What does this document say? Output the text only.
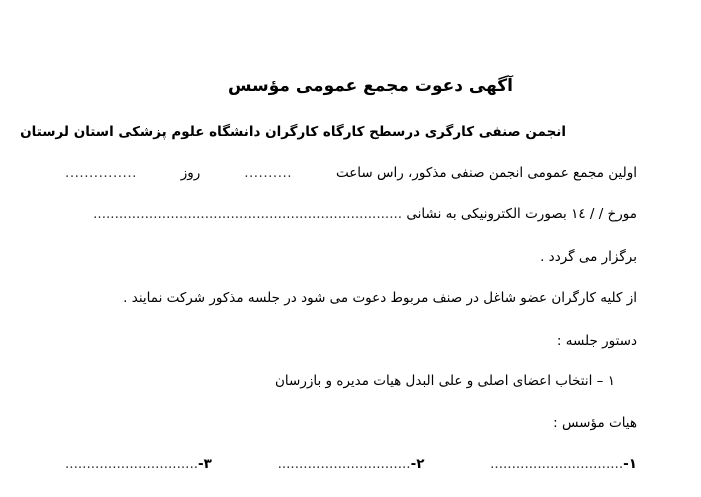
آگهی دعوت مجمع عمومی مؤسس
انجمن صنفی کارگری درسطح کارگاه کارگران دانشگاه علوم پزشکی استان لرستان
اولین مجمع عمومی انجمن صنفی مذکور، راس ساعت
..........
روز
...............
مورخ / / ۱٤ بصورت الکترونیکی به نشانی ........................................................................
برگزار می گردد .
از کلیه کارگران عضو شاغل در صنف مربوط دعوت می شود در جلسه مذکور شرکت نمایند .
دستور جلسه :
۱ – انتخاب اعضای اصلی و علی البدل هیات مدیره و بازرسان
هیات مؤسس :
۱-...............................
۲-...............................
۳-...............................
